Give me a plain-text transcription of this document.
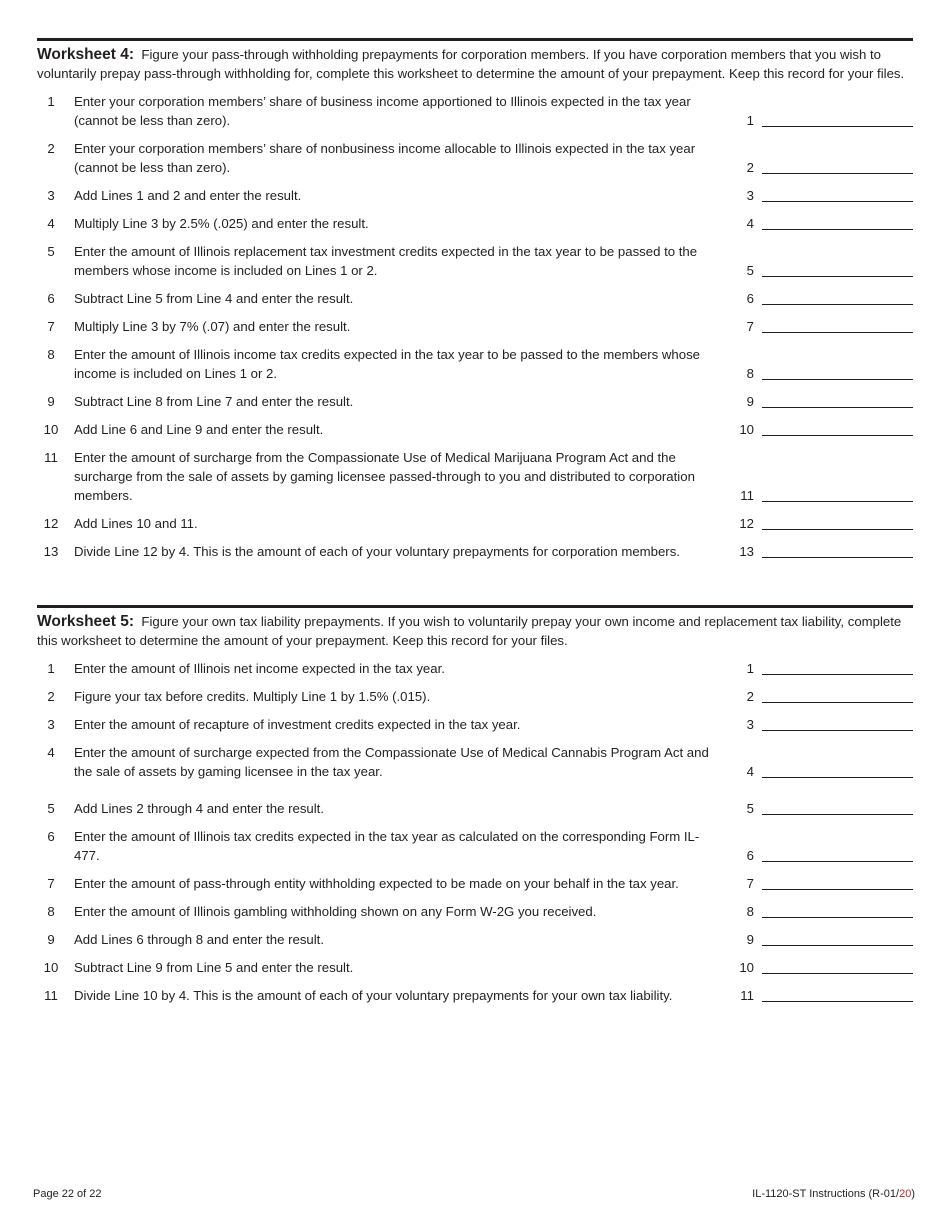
Worksheet 4: Figure your pass-through withholding prepayments for corporation members. If you have corporation members that you wish to voluntarily prepay pass-through withholding for, complete this worksheet to determine the amount of your prepayment. Keep this record for your files.
1	Enter your corporation members’ share of business income apportioned to Illinois expected in the tax year (cannot be less than zero).	1
2	Enter your corporation members’ share of nonbusiness income allocable to Illinois expected in the tax year (cannot be less than zero).	2
3	Add Lines 1 and 2 and enter the result.	3
4	Multiply Line 3 by 2.5% (.025) and enter the result.	4
5	Enter the amount of Illinois replacement tax investment credits expected in the tax year to be passed to the members whose income is included on Lines 1 or 2.	5
6	Subtract Line 5 from Line 4 and enter the result.	6
7	Multiply Line 3 by 7% (.07) and enter the result.	7
8	Enter the amount of Illinois income tax credits expected in the tax year to be passed to the members whose income is included on Lines 1 or 2.	8
9	Subtract Line 8 from Line 7 and enter the result.	9
10	Add Line 6 and Line 9 and enter the result.	10
11	Enter the amount of surcharge from the Compassionate Use of Medical Marijuana Program Act and the surcharge from the sale of assets by gaming licensee passed-through to you and distributed to corporation members.	11
12	Add Lines 10 and 11.	12
13	Divide Line 12 by 4. This is the amount of each of your voluntary prepayments for corporation members.	13
Worksheet 5: Figure your own tax liability prepayments. If you wish to voluntarily prepay your own income and replacement tax liability, complete this worksheet to determine the amount of your prepayment. Keep this record for your files.
1	Enter the amount of Illinois net income expected in the tax year.	1
2	Figure your tax before credits. Multiply Line 1 by 1.5% (.015).	2
3	Enter the amount of recapture of investment credits expected in the tax year.	3
4	Enter the amount of surcharge expected from the Compassionate Use of Medical Cannabis Program Act and the sale of assets by gaming licensee in the tax year.	4
5	Add Lines 2 through 4 and enter the result.	5
6	Enter the amount of Illinois tax credits expected in the tax year as calculated on the corresponding Form IL-477.	6
7	Enter the amount of pass-through entity withholding expected to be made on your behalf in the tax year.	7
8	Enter the amount of Illinois gambling withholding shown on any Form W-2G you received.	8
9	Add Lines 6 through 8 and enter the result.	9
10	Subtract Line 9 from Line 5 and enter the result.	10
11	Divide Line 10 by 4. This is the amount of each of your voluntary prepayments for your own tax liability.	11
Page 22 of 22	IL-1120-ST Instructions (R-01/20)
